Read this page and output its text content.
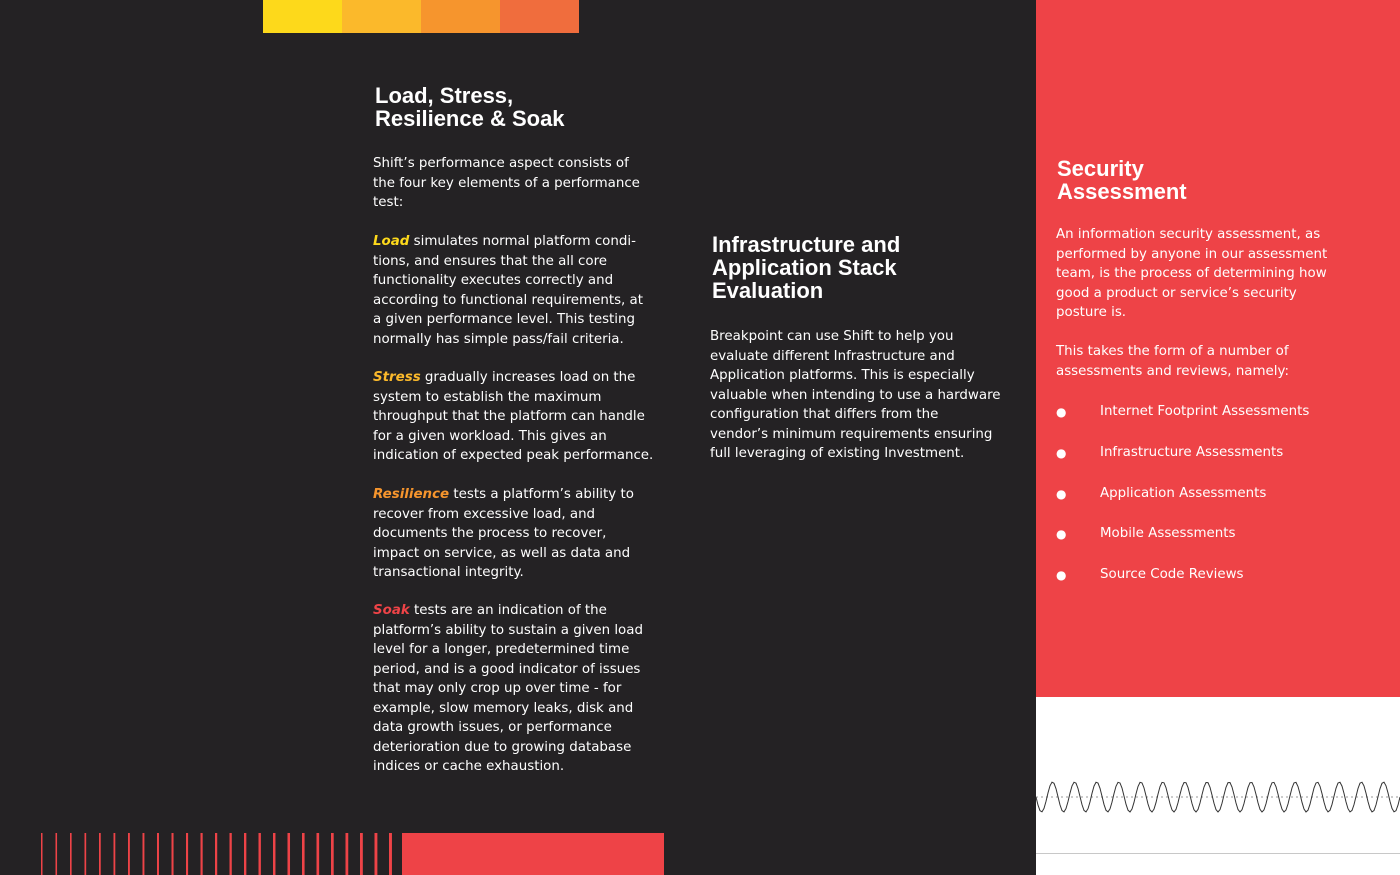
Load, Stress,
Resilience & Soak

Shift’s performance aspect consists of
the four key elements of a performance
test:

Load simulates normal platform condi-
tions, and ensures that the all core
functionality executes correctly and
according to functional requirements, at
a given performance level. This testing
normally has simple pass/fail criteria.

Stress gradually increases load on the
system to establish the maximum
throughput that the platform can handle
for a given workload. This gives an
indication of expected peak performance.

Resilience tests a platform’s ability to
recover from excessive load, and
documents the process to recover,
impact on service, as well as data and
transactional integrity.

Soak tests are an indication of the
platform’s ability to sustain a given load
level for a longer, predetermined time
period, and is a good indicator of issues
that may only crop up over time - for
example, slow memory leaks, disk and
data growth issues, or performance
deterioration due to growing database
indices or cache exhaustion.

Infrastructure and
Application Stack
Evaluation

Breakpoint can use Shift to help you
evaluate different Infrastructure and
Application platforms. This is especially
valuable when intending to use a hardware
configuration that differs from the
vendor’s minimum requirements ensuring
full leveraging of existing Investment.

Security
Assessment

An information security assessment, as
performed by anyone in our assessment
team, is the process of determining how
good a product or service’s security
posture is.

This takes the form of a number of
assessments and reviews, namely:

●	Internet Footprint Assessments
●	Infrastructure Assessments
●	Application Assessments
●	Mobile Assessments
●	Source Code Reviews
